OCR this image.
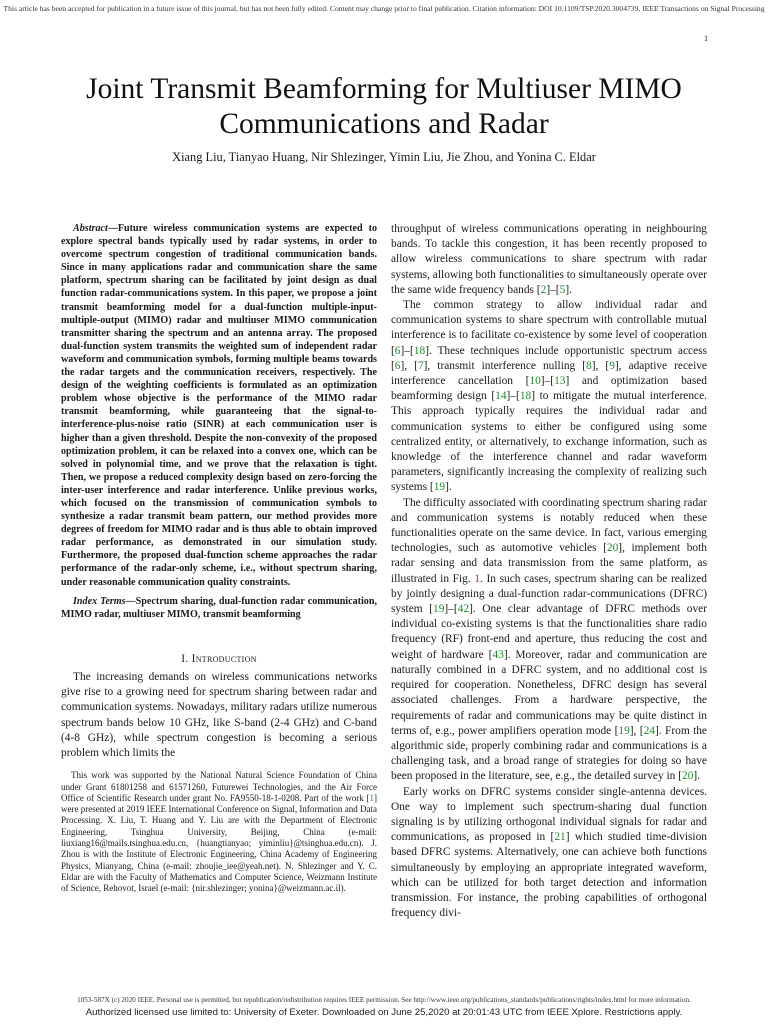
This article has been accepted for publication in a future issue of this journal, but has not been fully edited. Content may change prior to final publication. Citation information: DOI 10.1109/TSP.2020.3004739, IEEE Transactions on Signal Processing
1
Joint Transmit Beamforming for Multiuser MIMO Communications and Radar
Xiang Liu, Tianyao Huang, Nir Shlezinger, Yimin Liu, Jie Zhou, and Yonina C. Eldar

Abstract—Future wireless communication systems are expected to explore spectral bands typically used by radar systems, in order to overcome spectrum congestion of traditional communication bands. Since in many applications radar and communication share the same platform, spectrum sharing can be facilitated by joint design as dual function radar-communications system. In this paper, we propose a joint transmit beamforming model for a dual-function multiple-input-multiple-output (MIMO) radar and multiuser MIMO communication transmitter sharing the spectrum and an antenna array. The proposed dual-function system transmits the weighted sum of independent radar waveform and communication symbols, forming multiple beams towards the radar targets and the communication receivers, respectively. The design of the weighting coefficients is formulated as an optimization problem whose objective is the performance of the MIMO radar transmit beamforming, while guaranteeing that the signal-to-interference-plus-noise ratio (SINR) at each communication user is higher than a given threshold. Despite the non-convexity of the proposed optimization problem, it can be relaxed into a convex one, which can be solved in polynomial time, and we prove that the relaxation is tight. Then, we propose a reduced complexity design based on zero-forcing the inter-user interference and radar interference. Unlike previous works, which focused on the transmission of communication symbols to synthesize a radar transmit beam pattern, our method provides more degrees of freedom for MIMO radar and is thus able to obtain improved radar performance, as demonstrated in our simulation study. Furthermore, the proposed dual-function scheme approaches the radar performance of the radar-only scheme, i.e., without spectrum sharing, under reasonable communication quality constraints.

Index Terms—Spectrum sharing, dual-function radar communication, MIMO radar, multiuser MIMO, transmit beamforming

I. Introduction

The increasing demands on wireless communications networks give rise to a growing need for spectrum sharing between radar and communication systems. Nowadays, military radars utilize numerous spectrum bands below 10 GHz, like S-band (2-4 GHz) and C-band (4-8 GHz), while spectrum congestion is becoming a serious problem which limits the

This work was supported by the National Natural Science Foundation of China under Grant 61801258 and 61571260, Futurewei Technologies, and the Air Force Office of Scientific Research under grant No. FA9550-18-1-0208. Part of the work [1] were presented at 2019 IEEE International Conference on Signal, Information and Data Processing. X. Liu, T. Huang and Y. Liu are with the Department of Electronic Engineering, Tsinghua University, Beijing, China (e-mail: liuxiang16@mails.tsinghua.edu.cn, {huangtianyao; yiminliu}@tsinghua.edu.cn). J. Zhou is with the Institute of Electronic Engineering, China Academy of Engineering Physics, Mianyang, China (e-mail: zhoujie_iee@yeah.net). N. Shlezinger and Y. C. Eldar are with the Faculty of Mathematics and Computer Science, Weizmann Institute of Science, Rehovot, Israel (e-mail: {nir.shlezinger; yonina}@weizmann.ac.il).

throughput of wireless communications operating in neighbouring bands. To tackle this congestion, it has been recently proposed to allow wireless communications to share spectrum with radar systems, allowing both functionalities to simultaneously operate over the same wide frequency bands [2]–[5].

The common strategy to allow individual radar and communication systems to share spectrum with controllable mutual interference is to facilitate co-existence by some level of cooperation [6]–[18]. These techniques include opportunistic spectrum access [6], [7], transmit interference nulling [8], [9], adaptive receive interference cancellation [10]–[13] and optimization based beamforming design [14]–[18] to mitigate the mutual interference. This approach typically requires the individual radar and communication systems to either be configured using some centralized entity, or alternatively, to exchange information, such as knowledge of the interference channel and radar waveform parameters, significantly increasing the complexity of realizing such systems [19].

The difficulty associated with coordinating spectrum sharing radar and communication systems is notably reduced when these functionalities operate on the same device. In fact, various emerging technologies, such as automotive vehicles [20], implement both radar sensing and data transmission from the same platform, as illustrated in Fig. 1. In such cases, spectrum sharing can be realized by jointly designing a dual-function radar-communications (DFRC) system [19]–[42]. One clear advantage of DFRC methods over individual co-existing systems is that the functionalities share radio frequency (RF) front-end and aperture, thus reducing the cost and weight of hardware [43]. Moreover, radar and communication are naturally combined in a DFRC system, and no additional cost is required for cooperation. Nonetheless, DFRC design has several associated challenges. From a hardware perspective, the requirements of radar and communications may be quite distinct in terms of, e.g., power amplifiers operation mode [19], [24]. From the algorithmic side, properly combining radar and communications is a challenging task, and a broad range of strategies for doing so have been proposed in the literature, see, e.g., the detailed survey in [20].

Early works on DFRC systems consider single-antenna devices. One way to implement such spectrum-sharing dual function signaling is by utilizing orthogonal individual signals for radar and communications, as proposed in [21] which studied time-division based DFRC systems. Alternatively, one can achieve both functions simultaneously by employing an appropriate integrated waveform, which can be utilized for both target detection and information transmission. For instance, the probing capabilities of orthogonal frequency divi-

1053-587X (c) 2020 IEEE. Personal use is permitted, but republication/redistribution requires IEEE permission. See http://www.ieee.org/publications_standards/publications/rights/index.html for more information.
Authorized licensed use limited to: University of Exeter. Downloaded on June 25,2020 at 20:01:43 UTC from IEEE Xplore. Restrictions apply.
